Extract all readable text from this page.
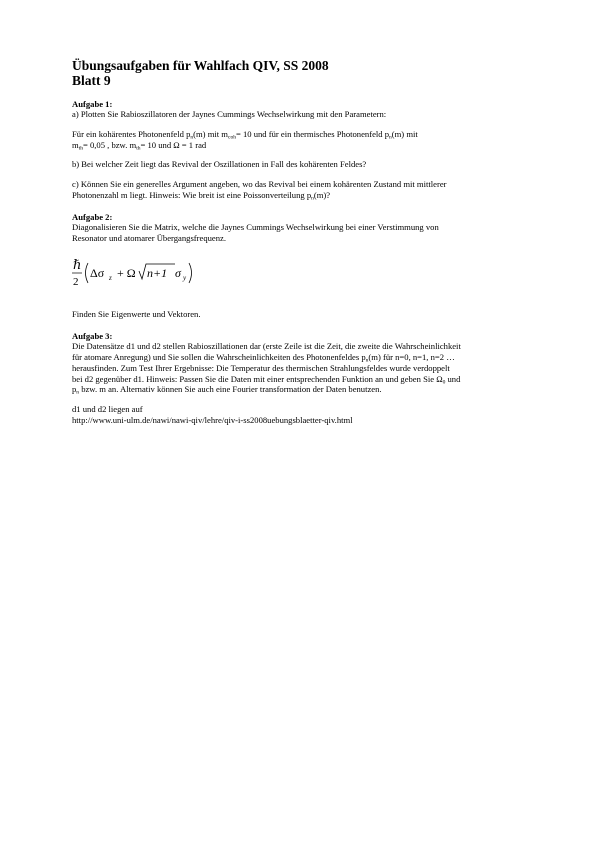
Übungsaufgaben für Wahlfach QIV, SS 2008
Blatt 9
Aufgabe 1:

a) Plotten Sie Rabioszillatoren der Jaynes Cummings Wechselwirkung mit den Parametern:

Für ein kohärentes Photonenfeld $p_n(m)$ mit $m_{coh}= 10$ und für ein thermisches Photonenfeld $p_n(m)$ mit

$m_{th}= 0,05$ , bzw. $m_{th}= 10$ und Ω = 1 rad

b) Bei welcher Zeit liegt das Revival der Oszillationen in Fall des kohärenten Feldes?

c) Können Sie ein generelles Argument angeben, wo das Revival bei einem kohärenten Zustand mit mittlerer

Photonenzahl m liegt. Hinweis: Wie breit ist eine Poissonverteilung $p_n(m)$?

Aufgabe 2:

Diagonalisieren Sie die Matrix, welche die Jaynes Cummings Wechselwirkung bei einer Verstimmung von

Resonator und atomarer Übergangsfrequenz.

ℏ
2
Δσ z + Ω n+1 σ y

Finden Sie Eigenwerte und Vektoren.

Aufgabe 3:

Die Datensätze d1 und d2 stellen Rabioszillationen dar (erste Zeile ist die Zeit, die zweite die Wahrscheinlichkeit

für atomare Anregung) und Sie sollen die Wahrscheinlichkeiten des Photonenfeldes $p_n(m)$ für n=0, n=1, n=2 …

herausfinden. Zum Test Ihrer Ergebnisse: Die Temperatur des thermischen Strahlungsfeldes wurde verdoppelt

bei d2 gegenüber d1. Hinweis: Passen Sie die Daten mit einer entsprechenden Funktion an und geben Sie $\Omega_0$ und

$p_n$ bzw. m an. Alternativ können Sie auch eine Fourier transformation der Daten benutzen.

d1 und d2 liegen auf

http://www.uni-ulm.de/nawi/nawi-qiv/lehre/qiv-i-ss2008uebungsblaetter-qiv.html
